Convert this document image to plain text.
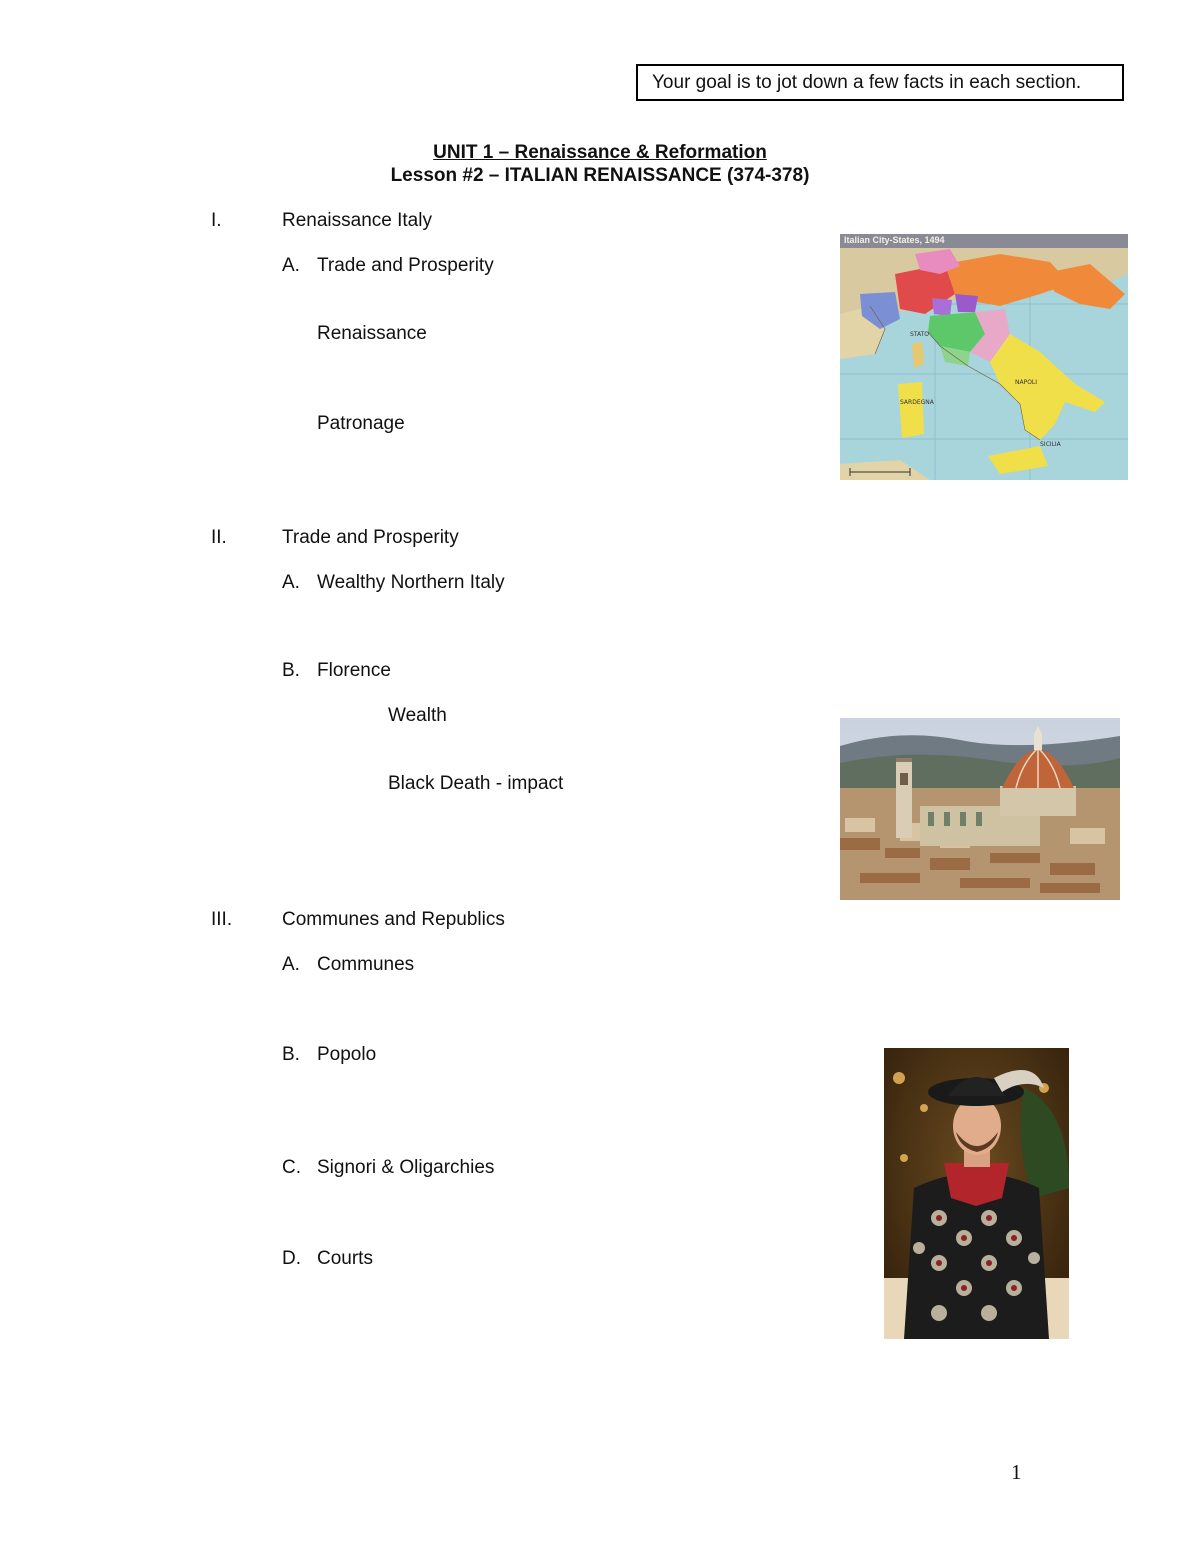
Your goal is to jot down a few facts in each section.
UNIT 1 – Renaissance & Reformation
Lesson #2 – ITALIAN RENAISSANCE (374-378)
I.	Renaissance Italy
A. Trade and Prosperity
Renaissance
Patronage
II.	Trade and Prosperity
A. Wealthy Northern Italy
B. Florence
Wealth
Black Death - impact
III.	Communes and Republics
A. Communes
B. Popolo
C. Signori & Oligarchies
D. Courts
STATO
NAPOLI
SARDEGNA
SICILIA
Italian City-States, 1494
1
